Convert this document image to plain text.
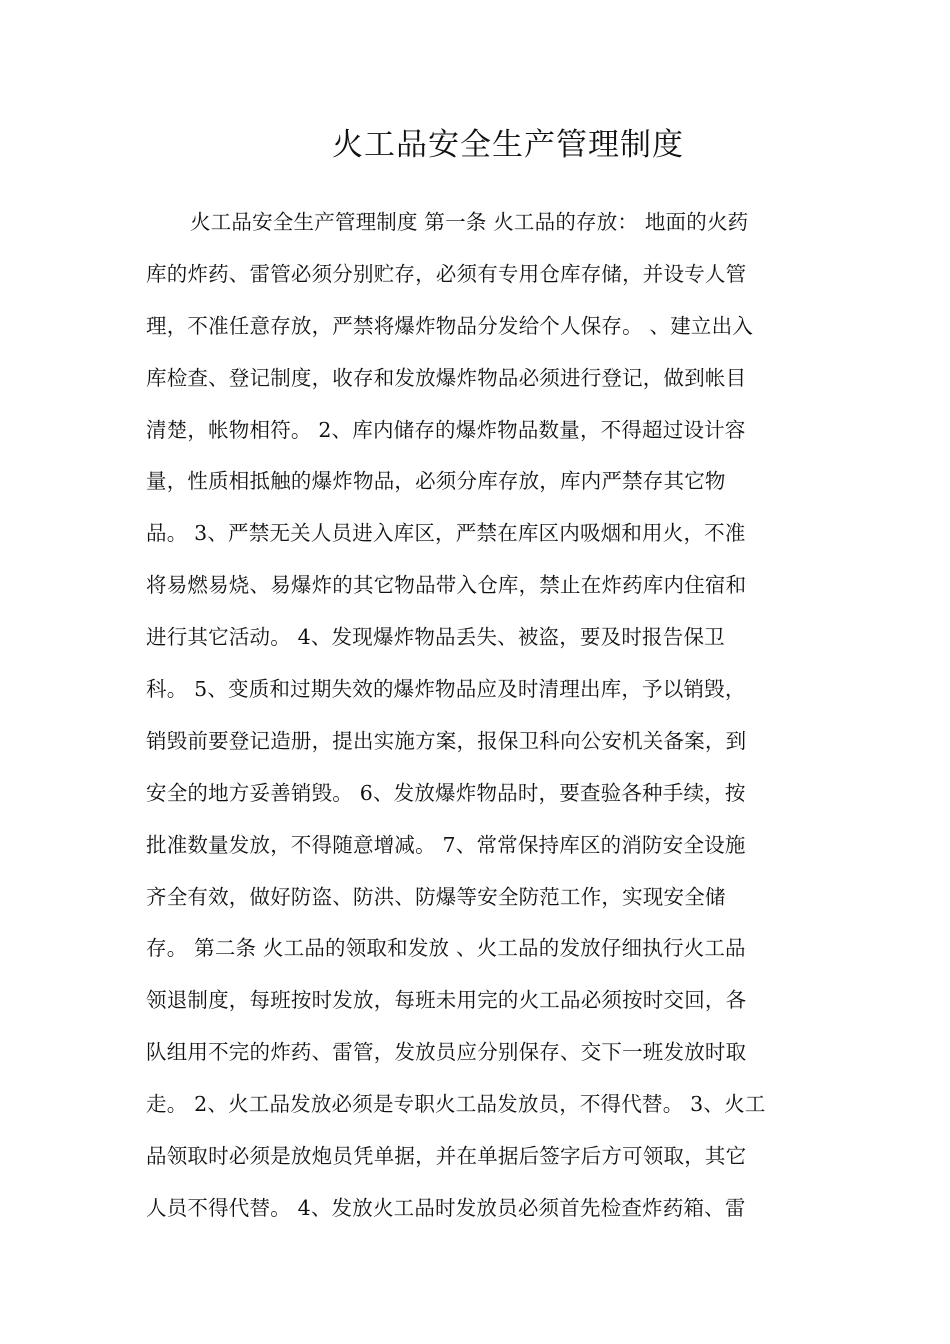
火工品安全生产管理制度
火工品安全生产管理制度 第一条 火工品的存放： 地面的火药
库的炸药、雷管必须分别贮存，必须有专用仓库存储，并设专人管
理，不准任意存放，严禁将爆炸物品分发给个人保存。 、建立出入
库检查、登记制度，收存和发放爆炸物品必须进行登记，做到帐目
清楚，帐物相符。 2、库内储存的爆炸物品数量，不得超过设计容
量，性质相抵触的爆炸物品，必须分库存放，库内严禁存其它物
品。 3、严禁无关人员进入库区，严禁在库区内吸烟和用火，不准
将易燃易烧、易爆炸的其它物品带入仓库，禁止在炸药库内住宿和
进行其它活动。 4、发现爆炸物品丢失、被盗，要及时报告保卫
科。 5、变质和过期失效的爆炸物品应及时清理出库，予以销毁，
销毁前要登记造册，提出实施方案，报保卫科向公安机关备案，到
安全的地方妥善销毁。 6、发放爆炸物品时，要查验各种手续，按
批准数量发放，不得随意增减。 7、常常保持库区的消防安全设施
齐全有效，做好防盗、防洪、防爆等安全防范工作，实现安全储
存。 第二条 火工品的领取和发放 、火工品的发放仔细执行火工品
领退制度，每班按时发放，每班未用完的火工品必须按时交回，各
队组用不完的炸药、雷管，发放员应分别保存、交下一班发放时取
走。 2、火工品发放必须是专职火工品发放员，不得代替。 3、火工
品领取时必须是放炮员凭单据，并在单据后签字后方可领取，其它
人员不得代替。 4、发放火工品时发放员必须首先检查炸药箱、雷
